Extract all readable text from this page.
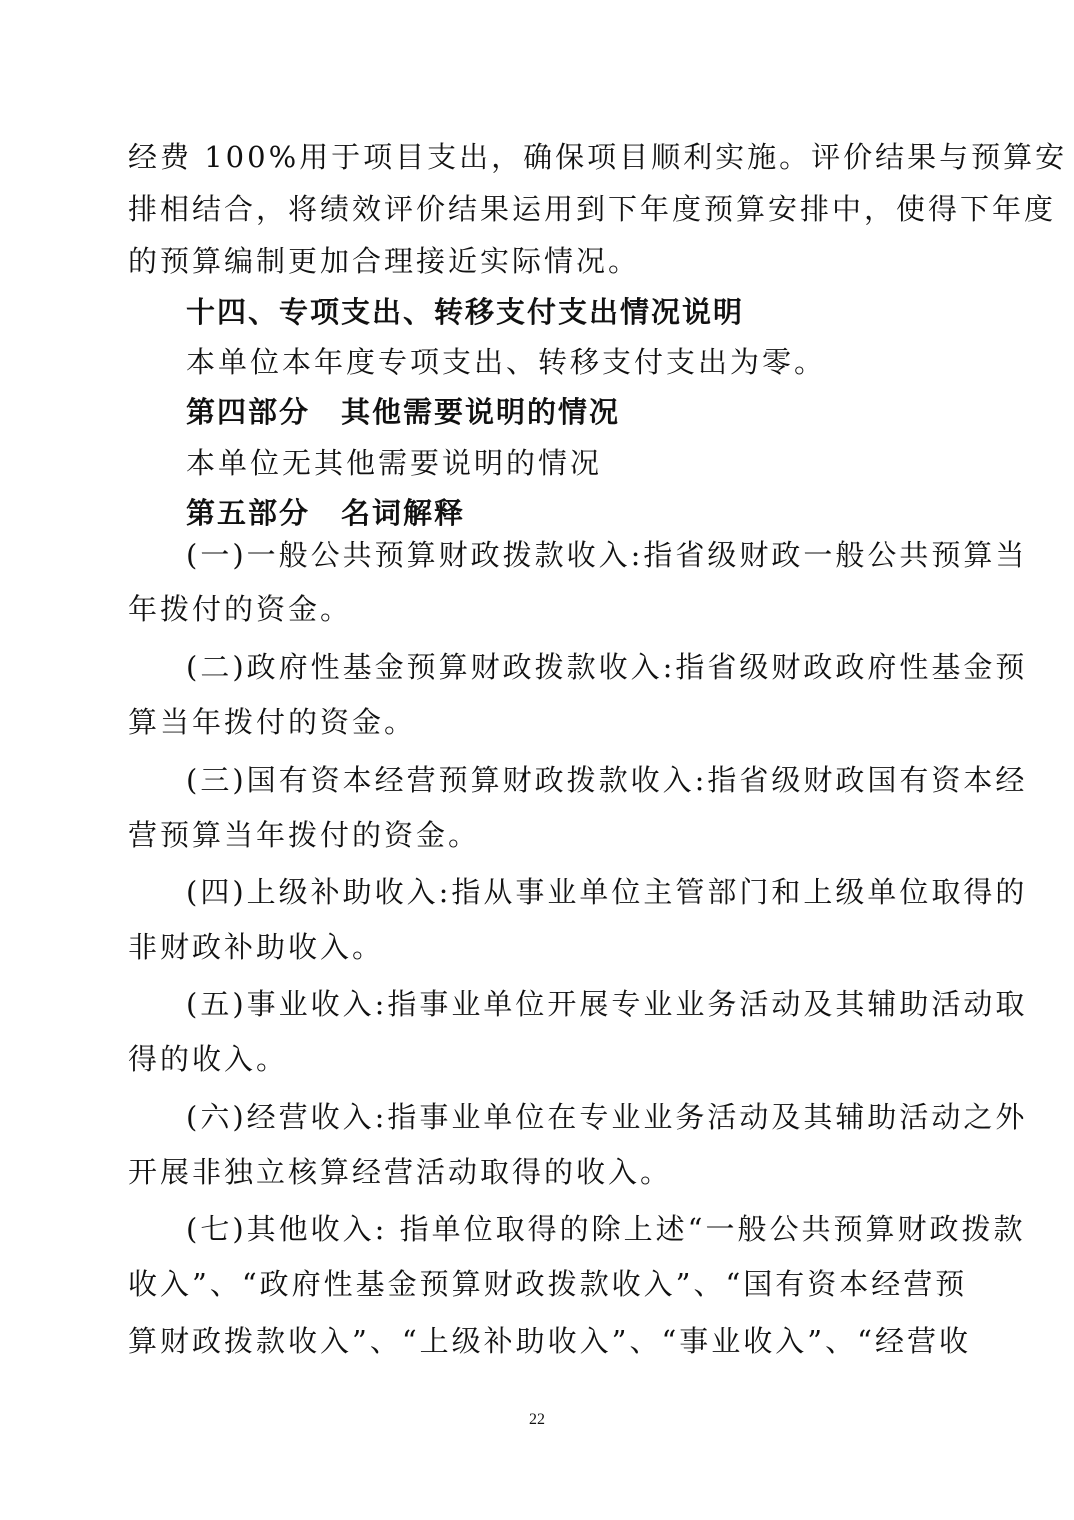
经费 100%用于项目支出，确保项目顺利实施。评价结果与预算安
排相结合，将绩效评价结果运用到下年度预算安排中，使得下年度
的预算编制更加合理接近实际情况。
十四、专项支出、转移支付支出情况说明
本单位本年度专项支出、转移支付支出为零。
第四部分　其他需要说明的情况
本单位无其他需要说明的情况
第五部分　名词解释
(一)一般公共预算财政拨款收入:指省级财政一般公共预算当
年拨付的资金。
(二)政府性基金预算财政拨款收入:指省级财政政府性基金预
算当年拨付的资金。
(三)国有资本经营预算财政拨款收入:指省级财政国有资本经
营预算当年拨付的资金。
(四)上级补助收入:指从事业单位主管部门和上级单位取得的
非财政补助收入。
(五)事业收入:指事业单位开展专业业务活动及其辅助活动取
得的收入。
(六)经营收入:指事业单位在专业业务活动及其辅助活动之外
开展非独立核算经营活动取得的收入。
(七)其他收入: 指单位取得的除上述“一般公共预算财政拨款
收入”、“政府性基金预算财政拨款收入”、“国有资本经营预
算财政拨款收入”、“上级补助收入”、“事业收入”、“经营收
22
